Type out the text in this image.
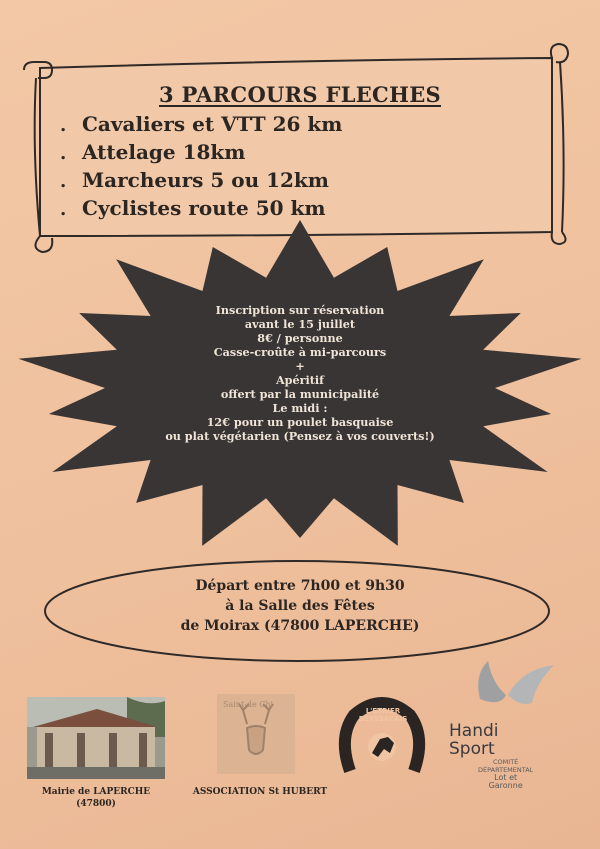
3 PARCOURS FLECHES
. Cavaliers et VTT 26 km
. Attelage 18km
. Marcheurs 5 ou 12km
. Cyclistes route 50 km
Inscription sur réservation
avant le 15 juillet
8€ / personne
Casse-croûte à mi-parcours
+
Apéritif
offert par la municipalité
Le midi :
12€ pour un poulet basquaise
ou plat végétarien (Pensez à vos couverts!)
Départ entre 7h00 et 9h30
à la Salle des Fêtes
de Moirax (47800 LAPERCHE)
Mairie de LAPERCHE
(47800)
Saint-de Chi
ASSOCIATION St HUBERT
L'ETRIER BEYSSACAIS
Handi
Sport
COMITÉ
DÉPARTEMENTAL
Lot et
Garonne
